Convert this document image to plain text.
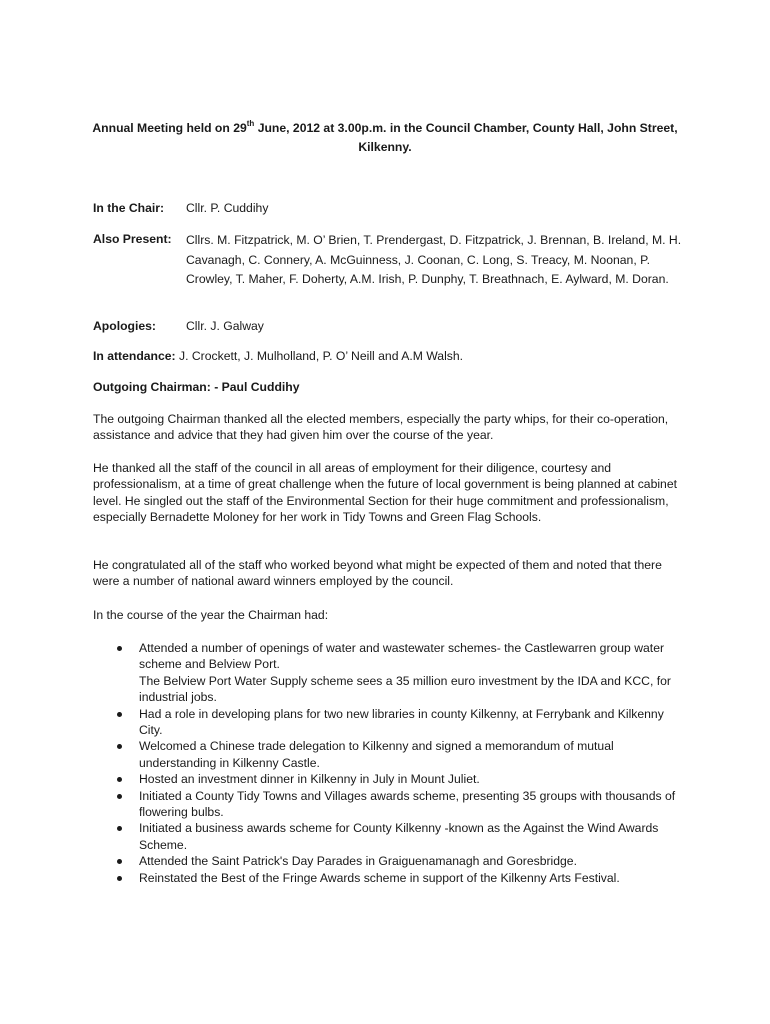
Annual Meeting held on 29th June, 2012 at 3.00p.m. in the Council Chamber, County Hall, John Street, Kilkenny.
In the Chair: Cllr. P. Cuddihy
Also Present: Cllrs. M. Fitzpatrick, M. O’ Brien, T. Prendergast, D. Fitzpatrick, J. Brennan, B. Ireland, M. H. Cavanagh, C. Connery, A. McGuinness, J. Coonan, C. Long, S. Treacy, M. Noonan, P. Crowley, T. Maher, F. Doherty, A.M. Irish, P. Dunphy, T. Breathnach, E. Aylward, M. Doran.
Apologies: Cllr. J. Galway
In attendance: J. Crockett, J. Mulholland, P. O’ Neill and A.M Walsh.
Outgoing Chairman: - Paul Cuddihy
The outgoing Chairman thanked all the elected members, especially the party whips, for their co-operation, assistance and advice that they had given him over the course of the year.
He thanked all the staff of the council in all areas of employment for their diligence, courtesy and professionalism, at a time of great challenge when the future of local government is being planned at cabinet level. He singled out the staff of the Environmental Section for their huge commitment and professionalism, especially Bernadette Moloney for her work in Tidy Towns and Green Flag Schools.
He congratulated all of the staff who worked beyond what might be expected of them and noted that there were a number of national award winners employed by the council.
In the course of the year the Chairman had:
Attended a number of openings of water and wastewater schemes- the Castlewarren group water scheme and Belview Port.
The Belview Port Water Supply scheme sees a 35 million euro investment by the IDA and KCC, for industrial jobs.
Had a role in developing plans for two new libraries in county Kilkenny, at Ferrybank and Kilkenny City.
Welcomed a Chinese trade delegation to Kilkenny and signed a memorandum of mutual understanding in Kilkenny Castle.
Hosted an investment dinner in Kilkenny in July in Mount Juliet.
Initiated a County Tidy Towns and Villages awards scheme, presenting 35 groups with thousands of flowering bulbs.
Initiated a business awards scheme for County Kilkenny -known as the Against the Wind Awards Scheme.
Attended the Saint Patrick's Day Parades in Graiguenamanagh and Goresbridge.
Reinstated the Best of the Fringe Awards scheme in support of the Kilkenny Arts Festival.
